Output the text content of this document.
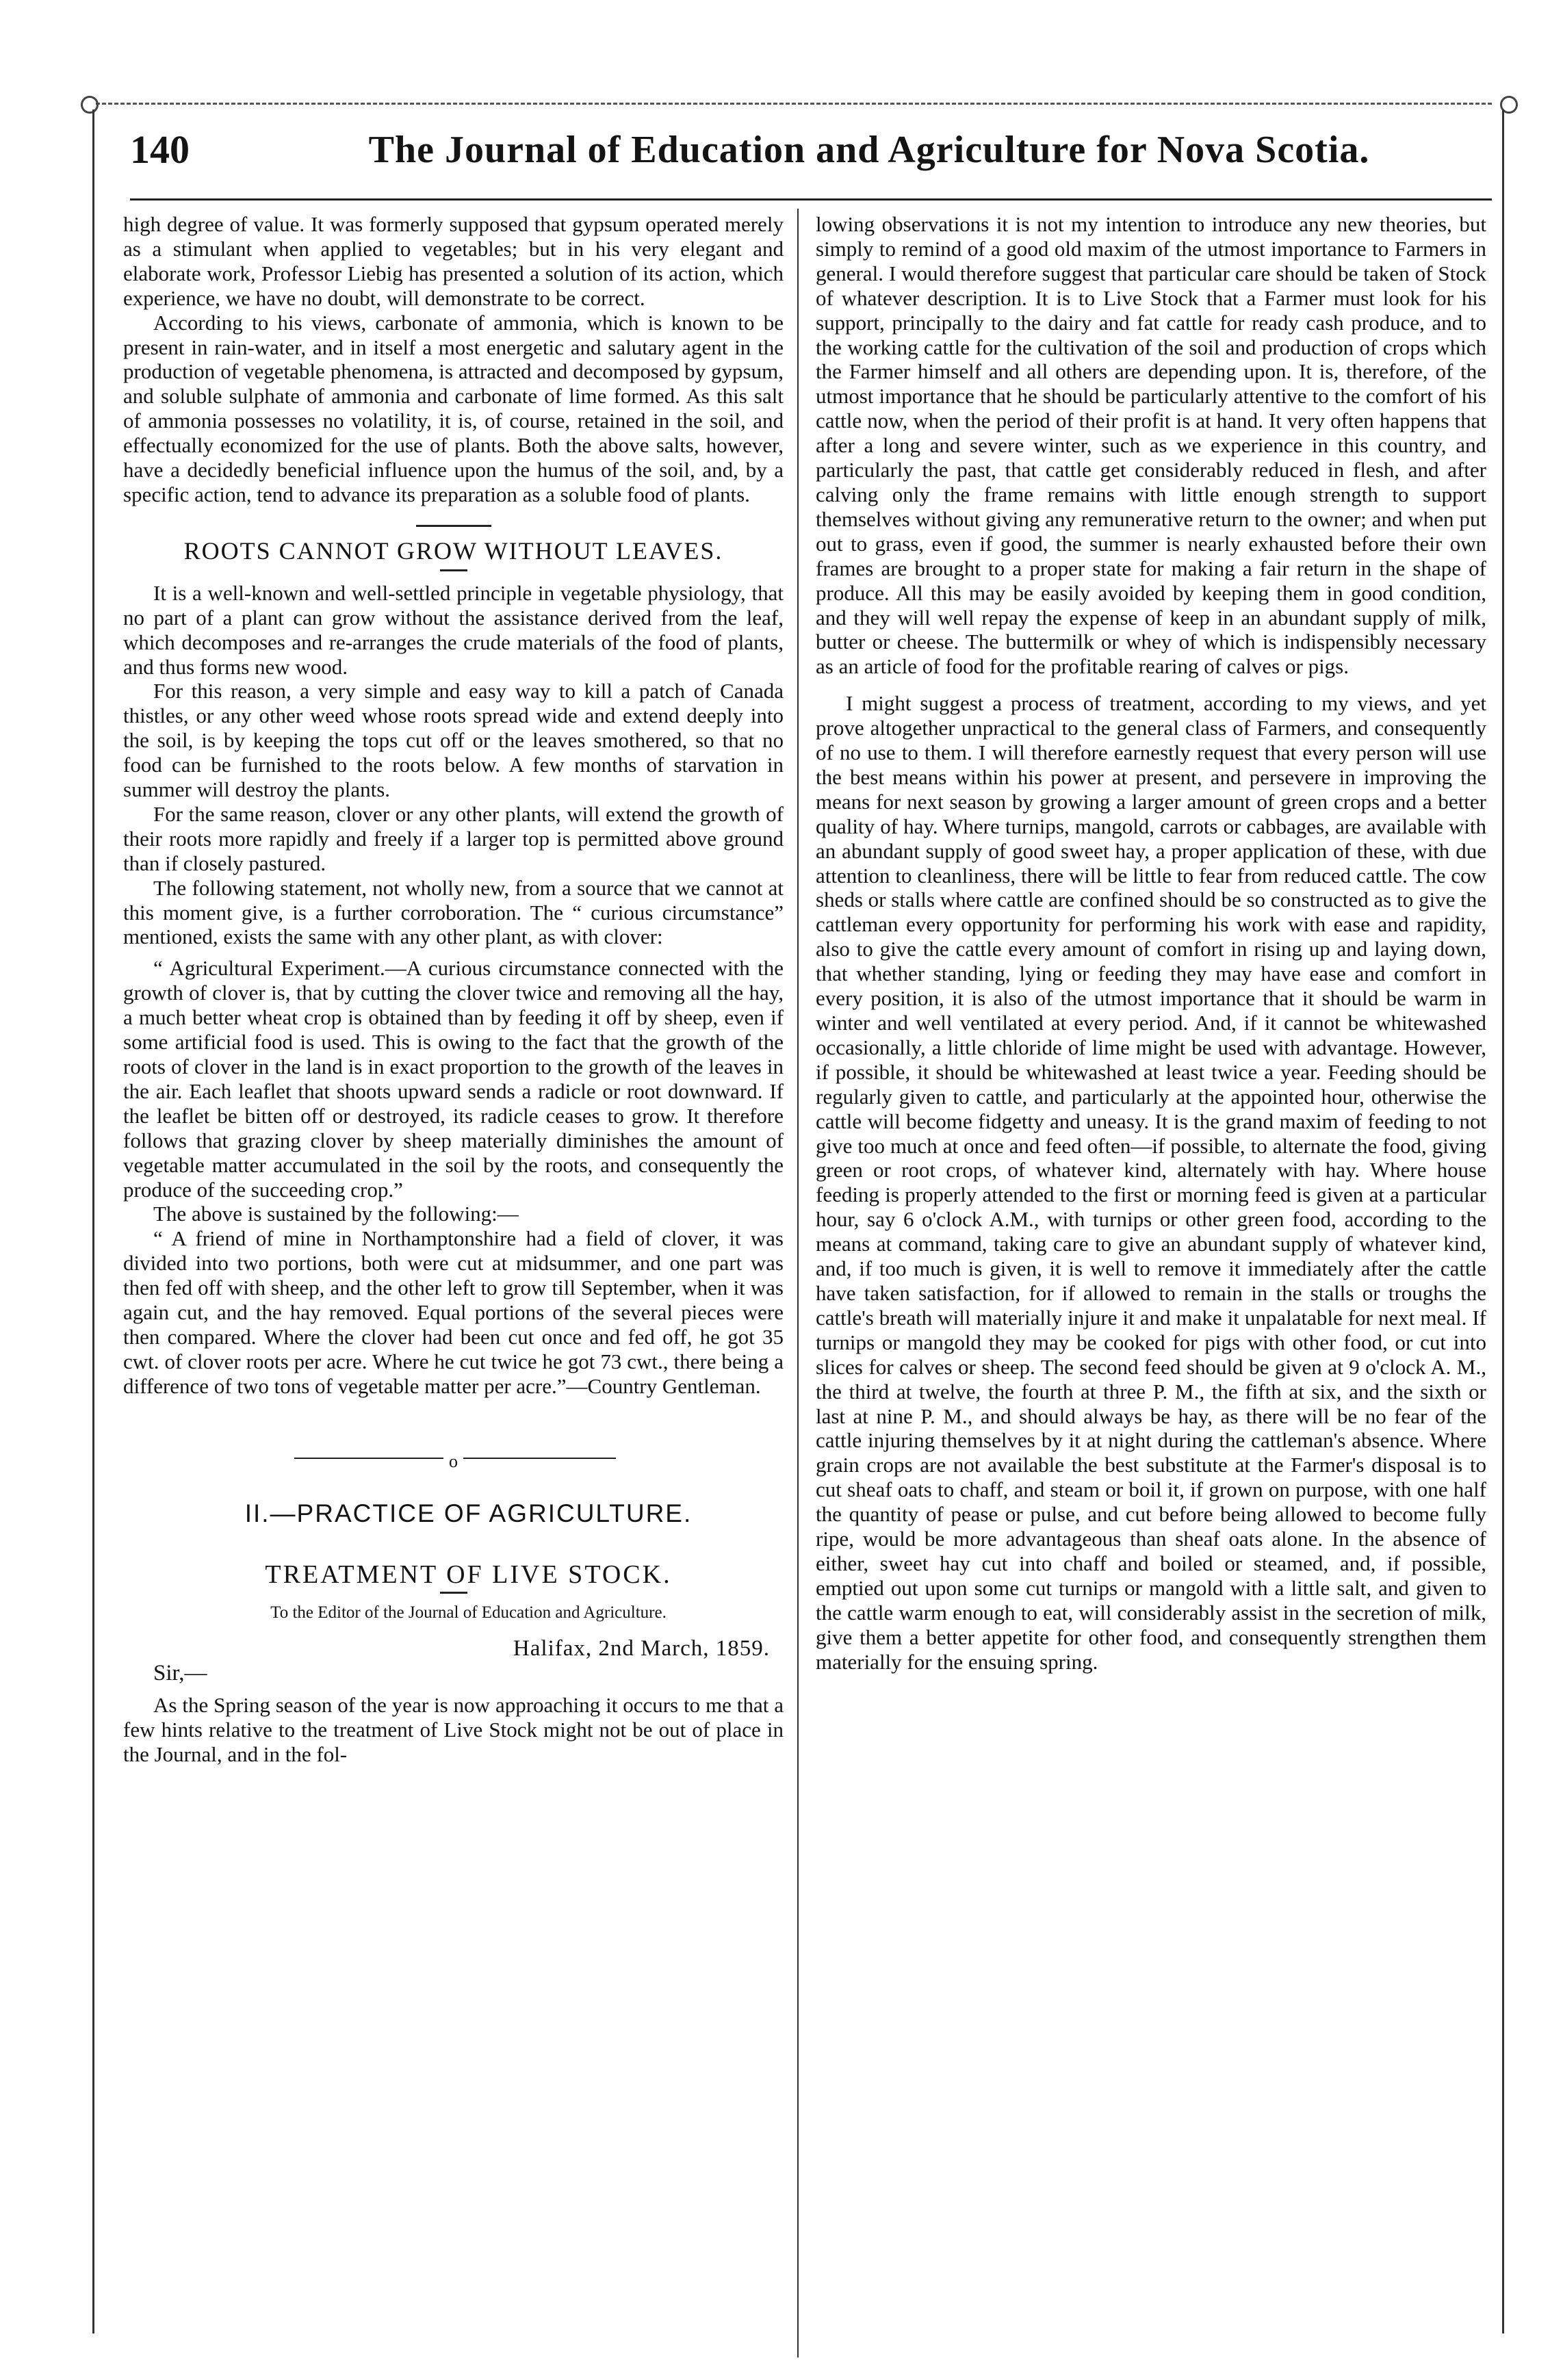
140	The Journal of Education and Agriculture for Nova Scotia.

high degree of value. It was formerly supposed that gypsum operated merely as a stimulant when applied to vegetables; but in his very elegant and elaborate work, Professor Liebig has presented a solution of its action, which experience, we have no doubt, will demonstrate to be correct.

According to his views, carbonate of ammonia, which is known to be present in rain-water, and in itself a most energetic and salutary agent in the production of vegetable phenomena, is attracted and decomposed by gypsum, and soluble sulphate of ammonia and carbonate of lime formed. As this salt of ammonia possesses no volatility, it is, of course, retained in the soil, and effectually economized for the use of plants. Both the above salts, however, have a decidedly beneficial influence upon the humus of the soil, and, by a specific action, tend to advance its preparation as a soluble food of plants.

ROOTS CANNOT GROW WITHOUT LEAVES.

It is a well-known and well-settled principle in vegetable physiology, that no part of a plant can grow without the assistance derived from the leaf, which decomposes and re-arranges the crude materials of the food of plants, and thus forms new wood.

For this reason, a very simple and easy way to kill a patch of Canada thistles, or any other weed whose roots spread wide and extend deeply into the soil, is by keeping the tops cut off or the leaves smothered, so that no food can be furnished to the roots below. A few months of starvation in summer will destroy the plants.

For the same reason, clover or any other plants, will extend the growth of their roots more rapidly and freely if a larger top is permitted above ground than if closely pastured.

The following statement, not wholly new, from a source that we cannot at this moment give, is a further corroboration. The “ curious circumstance” mentioned, exists the same with any other plant, as with clover:

“ Agricultural Experiment.—A curious circumstance connected with the growth of clover is, that by cutting the clover twice and removing all the hay, a much better wheat crop is obtained than by feeding it off by sheep, even if some artificial food is used. This is owing to the fact that the growth of the roots of clover in the land is in exact proportion to the growth of the leaves in the air. Each leaflet that shoots upward sends a radicle or root downward. If the leaflet be bitten off or destroyed, its radicle ceases to grow. It therefore follows that grazing clover by sheep materially diminishes the amount of vegetable matter accumulated in the soil by the roots, and consequently the produce of the succeeding crop.”

The above is sustained by the following:—

“ A friend of mine in Northamptonshire had a field of clover, it was divided into two portions, both were cut at midsummer, and one part was then fed off with sheep, and the other left to grow till September, when it was again cut, and the hay removed. Equal portions of the several pieces were then compared. Where the clover had been cut once and fed off, he got 35 cwt. of clover roots per acre. Where he cut twice he got 73 cwt., there being a difference of two tons of vegetable matter per acre.”—Country Gentleman.

o

II.—PRACTICE OF AGRICULTURE.

TREATMENT OF LIVE STOCK.

To the Editor of the Journal of Education and Agriculture.

Halifax, 2nd March, 1859.

Sir,—

As the Spring season of the year is now approaching it occurs to me that a few hints relative to the treatment of Live Stock might not be out of place in the Journal, and in the fol-

lowing observations it is not my intention to introduce any new theories, but simply to remind of a good old maxim of the utmost importance to Farmers in general. I would therefore suggest that particular care should be taken of Stock of whatever description. It is to Live Stock that a Farmer must look for his support, principally to the dairy and fat cattle for ready cash produce, and to the working cattle for the cultivation of the soil and production of crops which the Farmer himself and all others are depending upon. It is, therefore, of the utmost importance that he should be particularly attentive to the comfort of his cattle now, when the period of their profit is at hand. It very often happens that after a long and severe winter, such as we experience in this country, and particularly the past, that cattle get considerably reduced in flesh, and after calving only the frame remains with little enough strength to support themselves without giving any remunerative return to the owner; and when put out to grass, even if good, the summer is nearly exhausted before their own frames are brought to a proper state for making a fair return in the shape of produce. All this may be easily avoided by keeping them in good condition, and they will well repay the expense of keep in an abundant supply of milk, butter or cheese. The buttermilk or whey of which is indispensibly necessary as an article of food for the profitable rearing of calves or pigs.

I might suggest a process of treatment, according to my views, and yet prove altogether unpractical to the general class of Farmers, and consequently of no use to them. I will therefore earnestly request that every person will use the best means within his power at present, and persevere in improving the means for next season by growing a larger amount of green crops and a better quality of hay. Where turnips, mangold, carrots or cabbages, are available with an abundant supply of good sweet hay, a proper application of these, with due attention to cleanliness, there will be little to fear from reduced cattle. The cow sheds or stalls where cattle are confined should be so constructed as to give the cattleman every opportunity for performing his work with ease and rapidity, also to give the cattle every amount of comfort in rising up and laying down, that whether standing, lying or feeding they may have ease and comfort in every position, it is also of the utmost importance that it should be warm in winter and well ventilated at every period. And, if it cannot be whitewashed occasionally, a little chloride of lime might be used with advantage. However, if possible, it should be whitewashed at least twice a year. Feeding should be regularly given to cattle, and particularly at the appointed hour, otherwise the cattle will become fidgetty and uneasy. It is the grand maxim of feeding to not give too much at once and feed often—if possible, to alternate the food, giving green or root crops, of whatever kind, alternately with hay. Where house feeding is properly attended to the first or morning feed is given at a particular hour, say 6 o'clock A.M., with turnips or other green food, according to the means at command, taking care to give an abundant supply of whatever kind, and, if too much is given, it is well to remove it immediately after the cattle have taken satisfaction, for if allowed to remain in the stalls or troughs the cattle's breath will materially injure it and make it unpalatable for next meal. If turnips or mangold they may be cooked for pigs with other food, or cut into slices for calves or sheep. The second feed should be given at 9 o'clock A. M., the third at twelve, the fourth at three P. M., the fifth at six, and the sixth or last at nine P. M., and should always be hay, as there will be no fear of the cattle injuring themselves by it at night during the cattleman's absence. Where grain crops are not available the best substitute at the Farmer's disposal is to cut sheaf oats to chaff, and steam or boil it, if grown on purpose, with one half the quantity of pease or pulse, and cut before being allowed to become fully ripe, would be more advantageous than sheaf oats alone. In the absence of either, sweet hay cut into chaff and boiled or steamed, and, if possible, emptied out upon some cut turnips or mangold with a little salt, and given to the cattle warm enough to eat, will considerably assist in the secretion of milk, give them a better appetite for other food, and consequently strengthen them materially for the ensuing spring.
